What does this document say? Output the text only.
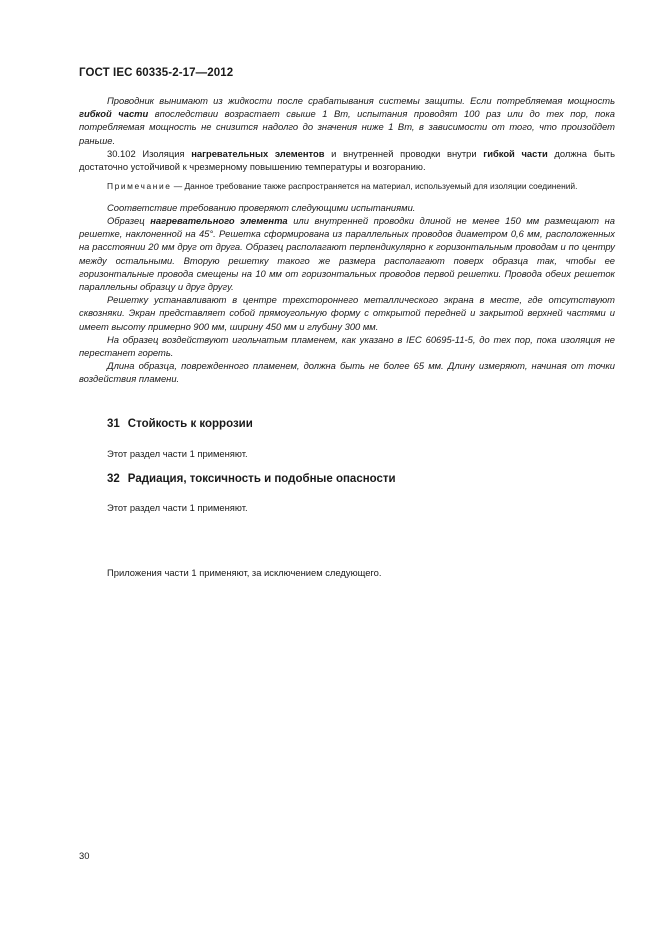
ГОСТ IEC 60335-2-17—2012

Проводник вынимают из жидкости после срабатывания системы защиты. Если потребляемая мощность гибкой части впоследствии возрастает свыше 1 Вт, испытания проводят 100 раз или до тех пор, пока потребляемая мощность не снизится надолго до значения ниже 1 Вт, в зависимости от того, что произойдет раньше.

30.102 Изоляция нагревательных элементов и внутренней проводки внутри гибкой части должна быть достаточно устойчивой к чрезмерному повышению температуры и возгоранию.

Примечание — Данное требование также распространяется на материал, используемый для изоляции соединений.

Соответствие требованию проверяют следующими испытаниями.

Образец нагревательного элемента или внутренней проводки длиной не менее 150 мм размещают на решетке, наклоненной на 45°. Решетка сформирована из параллельных проводов диаметром 0,6 мм, расположенных на расстоянии 20 мм друг от друга. Образец располагают перпендикулярно к горизонтальным проводам и по центру между остальными. Вторую решетку такого же размера располагают поверх образца так, чтобы ее горизонтальные провода смещены на 10 мм от горизонтальных проводов первой решетки. Провода обеих решеток параллельны образцу и друг другу.

Решетку устанавливают в центре трехстороннего металлического экрана в месте, где отсутствуют сквозняки. Экран представляет собой прямоугольную форму с открытой передней и закрытой верхней частями и имеет высоту примерно 900 мм, ширину 450 мм и глубину 300 мм.

На образец воздействуют игольчатым пламенем, как указано в IEC 60695-11-5, до тех пор, пока изоляция не перестанет гореть.

Длина образца, поврежденного пламенем, должна быть не более 65 мм. Длину измеряют, начиная от точки воздействия пламени.

31 Стойкость к коррозии
Этот раздел части 1 применяют.
32 Радиация, токсичность и подобные опасности
Этот раздел части 1 применяют.
Приложения части 1 применяют, за исключением следующего.
30
